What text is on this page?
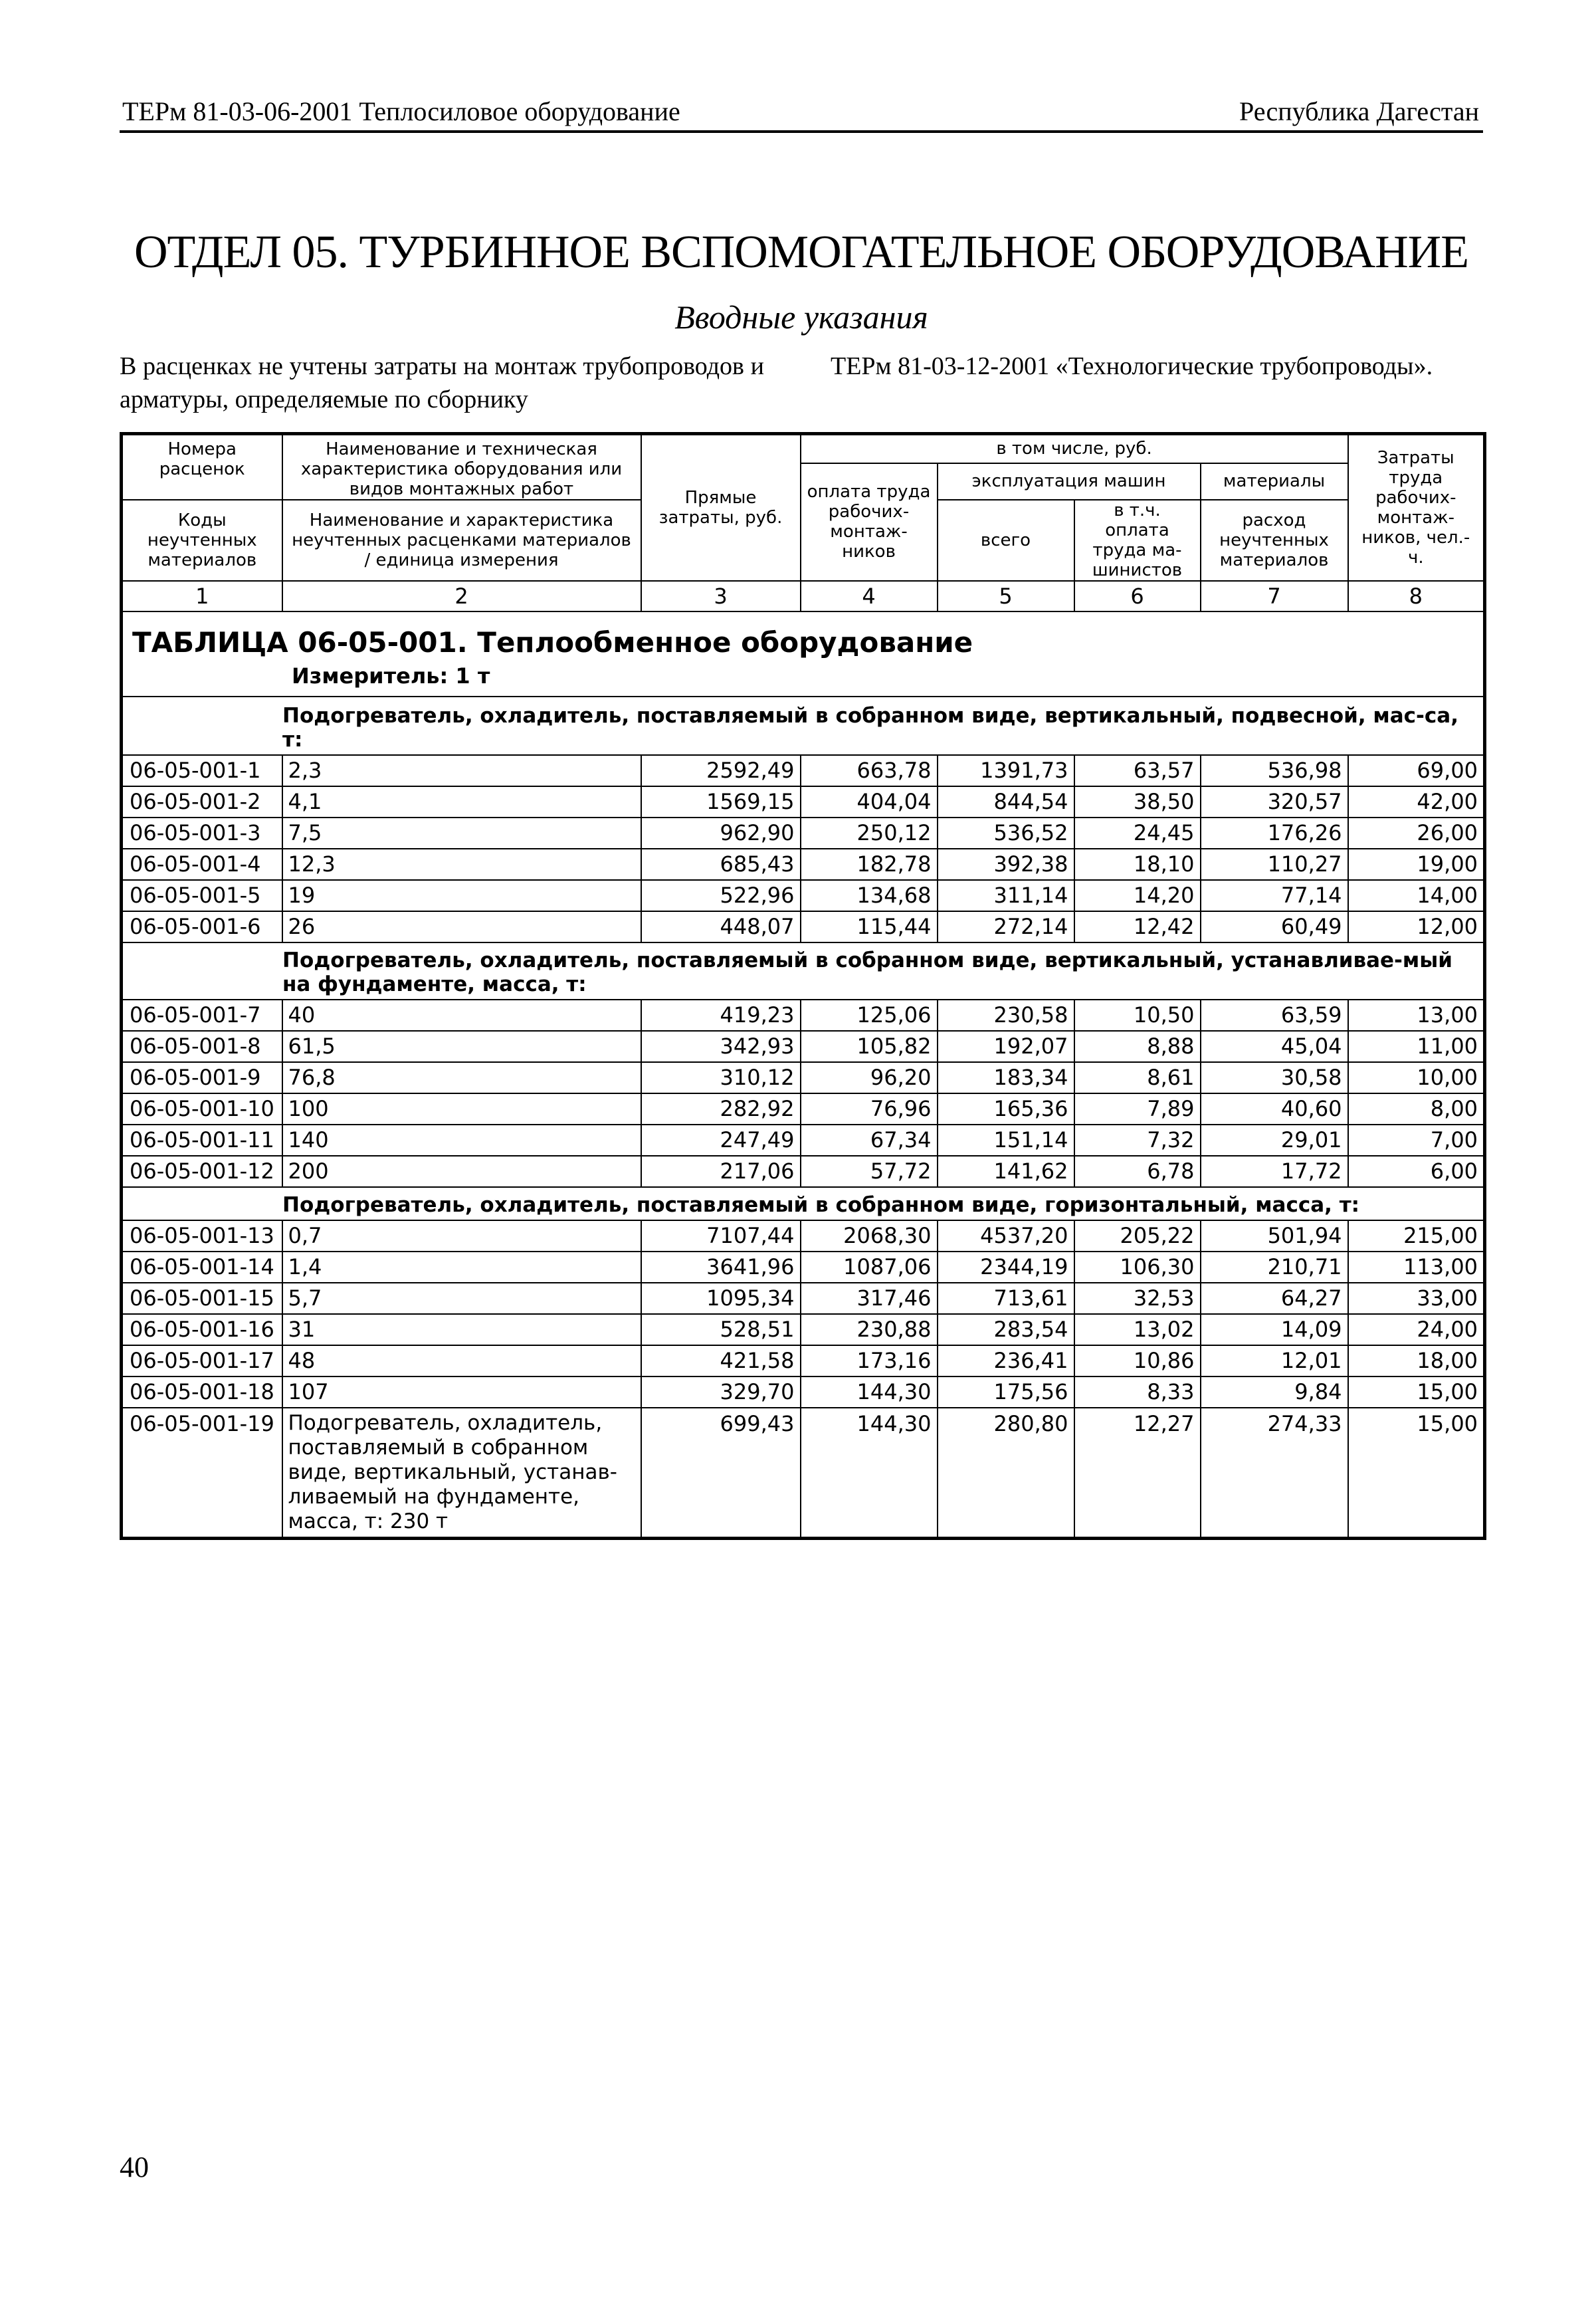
ТЕРм 81-03-06-2001 Теплосиловое оборудование	Республика Дагестан
ОТДЕЛ 05. ТУРБИННОЕ ВСПОМОГАТЕЛЬНОЕ ОБОРУДОВАНИЕ
Вводные указания
В расценках не учтены затраты на монтаж трубопроводов и арматуры, определяемые по сборнику
ТЕРм 81-03-12-2001 «Технологические трубопроводы».
Номера расценок	Наименование и техническая характеристика оборудования или видов монтажных работ	Прямые затраты, руб.	в том числе, руб.				Затраты труда рабочих-монтаж-ников, чел.-ч.
			оплата труда рабочих-монтаж-ников	эксплуатация машин		материалы	
Коды неучтенных материалов	Наименование и характеристика неучтенных расценками материалов / единица измерения			всего	в т.ч. оплата труда ма-шинистов	расход неучтенных материалов	

1	2	3	4	5	6	7	8

ТАБЛИЦА 06-05-001. Теплообменное оборудование
Измеритель: 1 т							

Подогреватель, охладитель, поставляемый в собранном виде, вертикальный, подвесной, мас-са, т:							
06-05-001-1	2,3	2592,49	663,78	1391,73	63,57	536,98	69,00
06-05-001-2	4,1	1569,15	404,04	844,54	38,50	320,57	42,00
06-05-001-3	7,5	962,90	250,12	536,52	24,45	176,26	26,00
06-05-001-4	12,3	685,43	182,78	392,38	18,10	110,27	19,00
06-05-001-5	19	522,96	134,68	311,14	14,20	77,14	14,00
06-05-001-6	26	448,07	115,44	272,14	12,42	60,49	12,00
Подогреватель, охладитель, поставляемый в собранном виде, вертикальный, устанавливае-мый на фундаменте, масса, т:							
06-05-001-7	40	419,23	125,06	230,58	10,50	63,59	13,00
06-05-001-8	61,5	342,93	105,82	192,07	8,88	45,04	11,00
06-05-001-9	76,8	310,12	96,20	183,34	8,61	30,58	10,00
06-05-001-10	100	282,92	76,96	165,36	7,89	40,60	8,00
06-05-001-11	140	247,49	67,34	151,14	7,32	29,01	7,00
06-05-001-12	200	217,06	57,72	141,62	6,78	17,72	6,00
Подогреватель, охладитель, поставляемый в собранном виде, горизонтальный, масса, т:							
06-05-001-13	0,7	7107,44	2068,30	4537,20	205,22	501,94	215,00
06-05-001-14	1,4	3641,96	1087,06	2344,19	106,30	210,71	113,00
06-05-001-15	5,7	1095,34	317,46	713,61	32,53	64,27	33,00
06-05-001-16	31	528,51	230,88	283,54	13,02	14,09	24,00
06-05-001-17	48	421,58	173,16	236,41	10,86	12,01	18,00
06-05-001-18	107	329,70	144,30	175,56	8,33	9,84	15,00
06-05-001-19	Подогреватель, охладитель, поставляемый в собранном виде, вертикальный, устанав-ливаемый на фундаменте, масса, т: 230 т	699,43	144,30	280,80	12,27	274,33	15,00
40
